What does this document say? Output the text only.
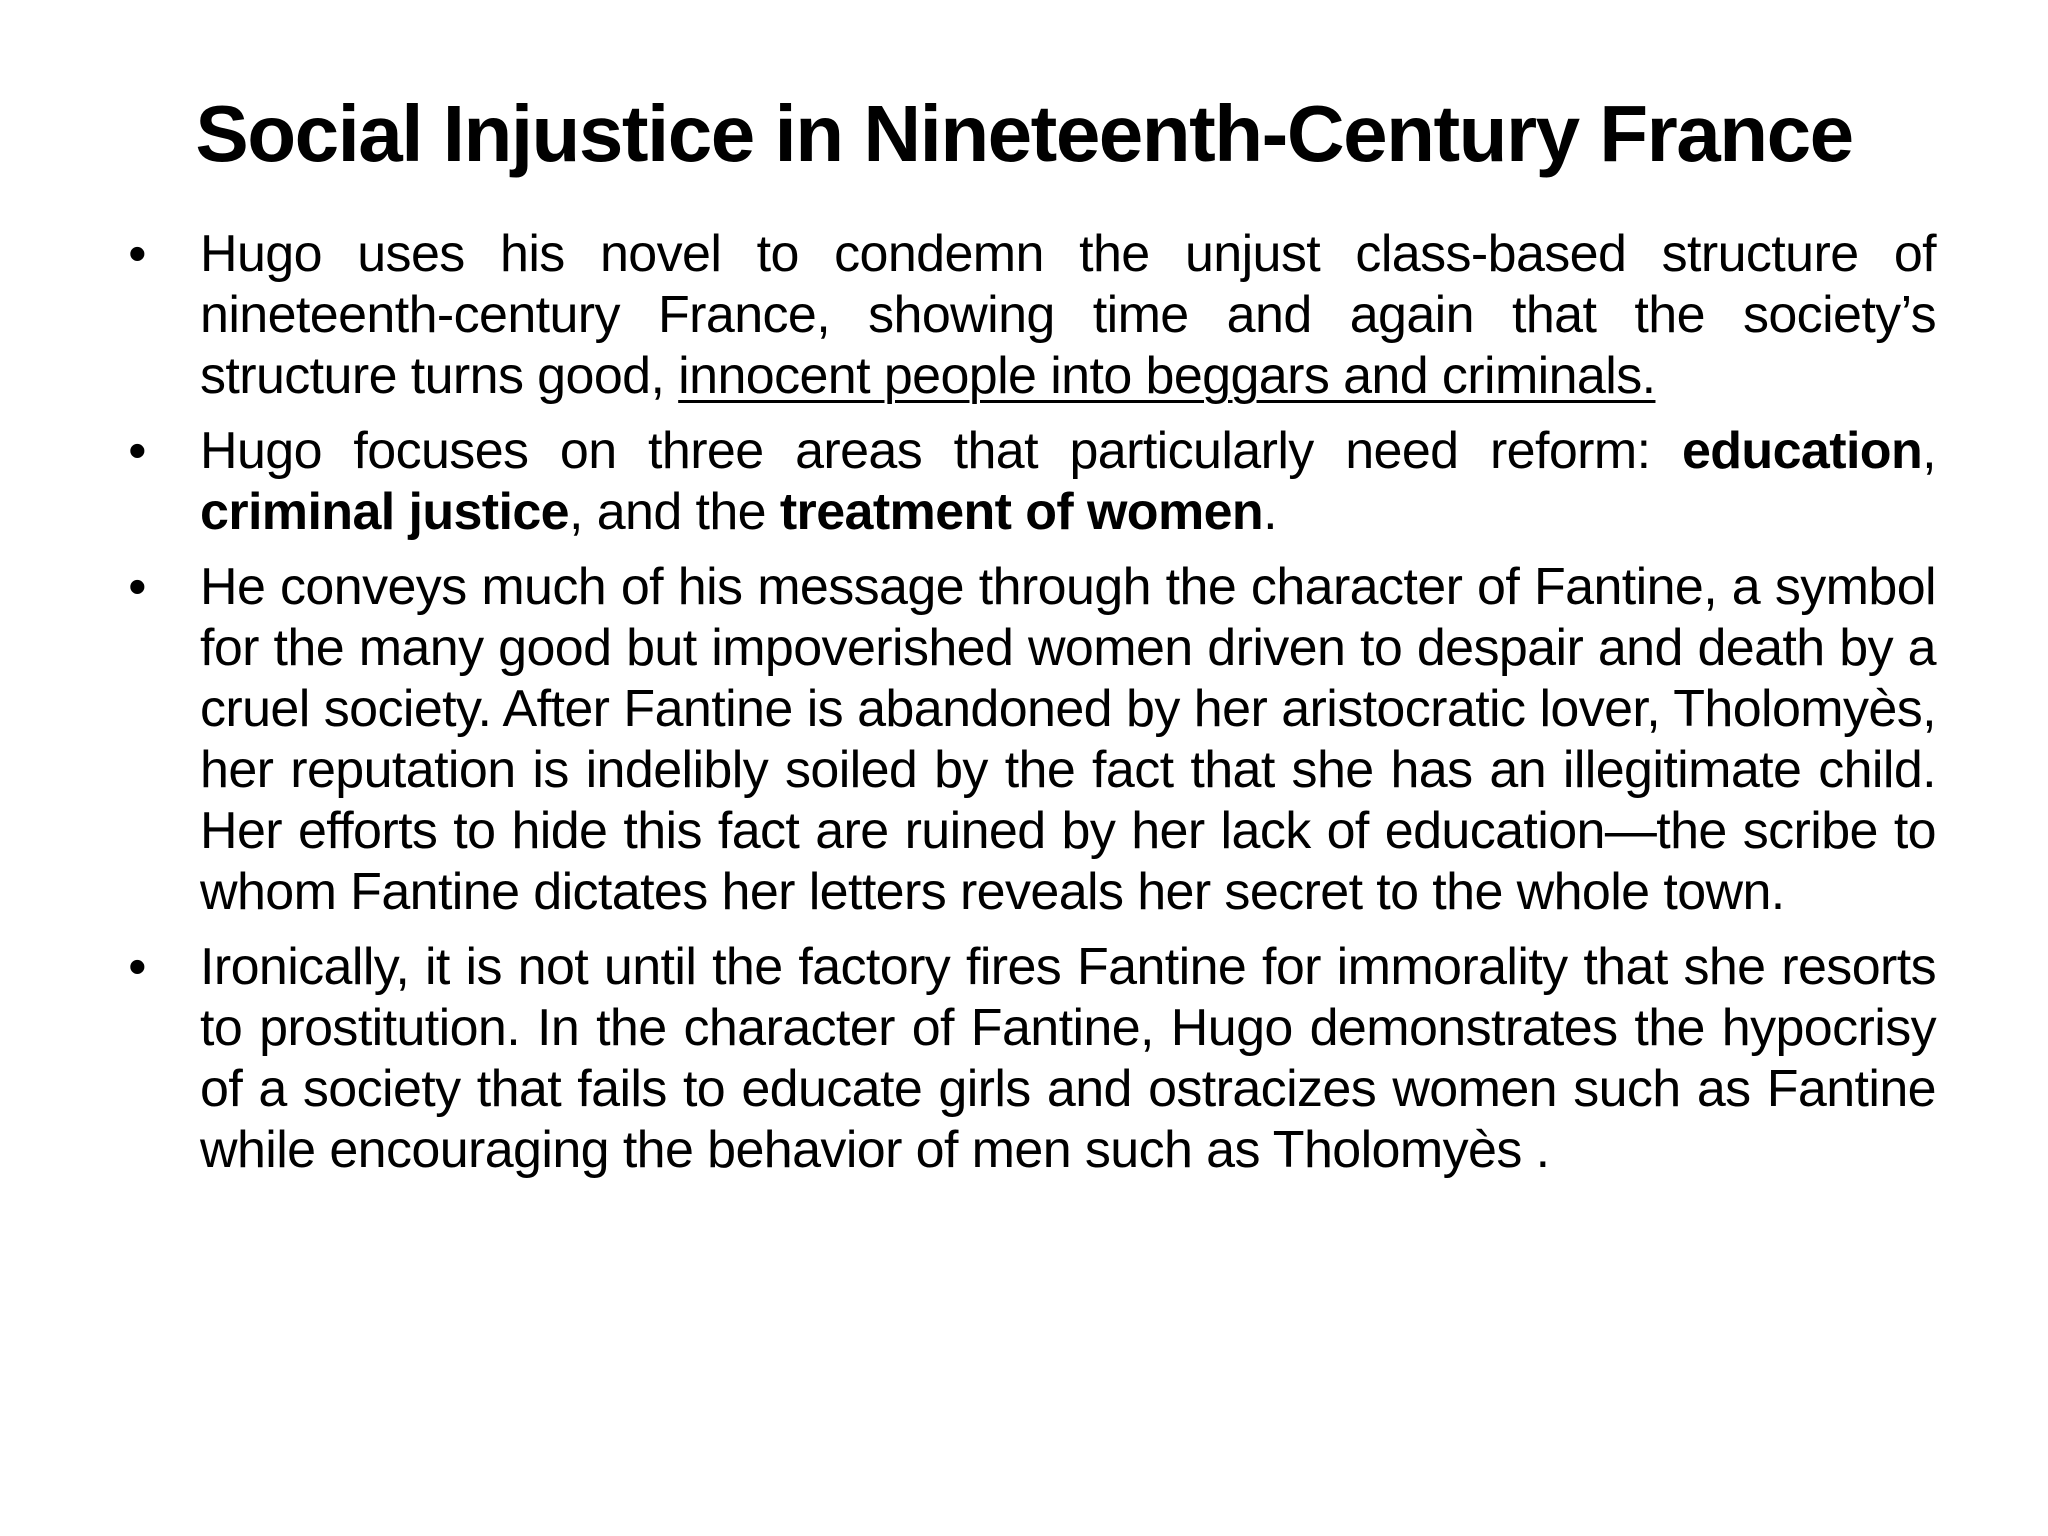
Social Injustice in Nineteenth-Century France
• Hugo uses his novel to condemn the unjust class-based structure of nineteenth-century France, showing time and again that the society’s structure turns good, innocent people into beggars and criminals.
• Hugo focuses on three areas that particularly need reform: education, criminal justice, and the treatment of women.
• He conveys much of his message through the character of Fantine, a symbol for the many good but impoverished women driven to despair and death by a cruel society. After Fantine is abandoned by her aristocratic lover, Tholomyès, her reputation is indelibly soiled by the fact that she has an illegitimate child. Her efforts to hide this fact are ruined by her lack of education—the scribe to whom Fantine dictates her letters reveals her secret to the whole town.
• Ironically, it is not until the factory fires Fantine for immorality that she resorts to prostitution. In the character of Fantine, Hugo demonstrates the hypocrisy of a society that fails to educate girls and ostracizes women such as Fantine while encouraging the behavior of men such as Tholomyès .
